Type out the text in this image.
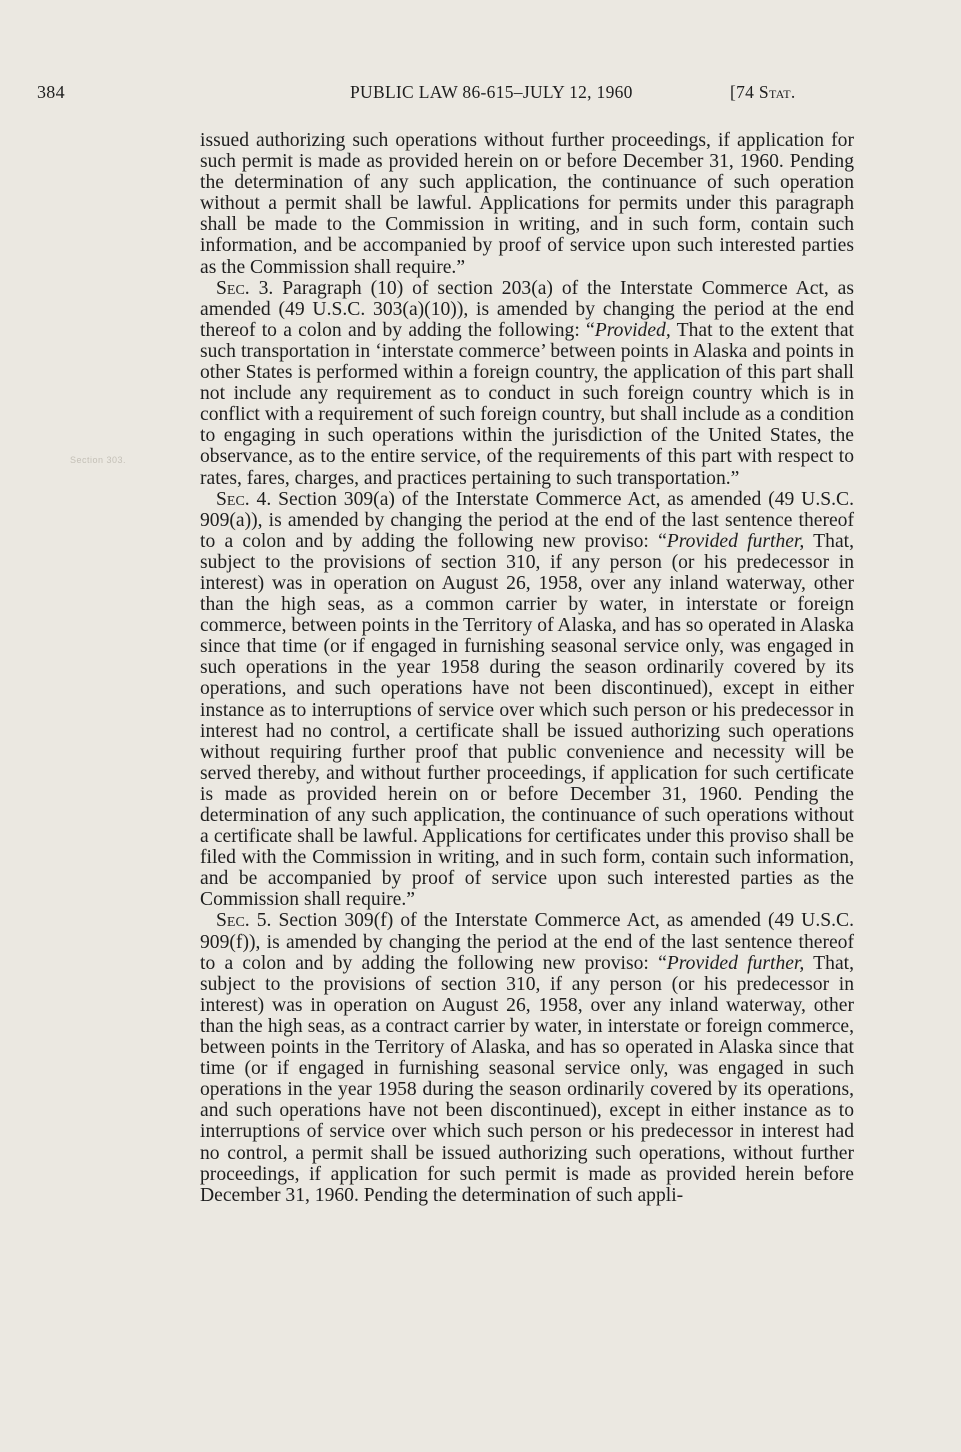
384	PUBLIC LAW 86-615–JULY 12, 1960	[74 Stat.
Section 303.

issued authorizing such operations without further proceedings, if application for such permit is made as provided herein on or before December 31, 1960. Pending the determination of any such application, the continuance of such operation without a permit shall be lawful. Applications for permits under this paragraph shall be made to the Commission in writing, and in such form, contain such information, and be accompanied by proof of service upon such interested parties as the Commission shall require.”

Sec. 3. Paragraph (10) of section 203(a) of the Interstate Commerce Act, as amended (49 U.S.C. 303(a)(10)), is amended by changing the period at the end thereof to a colon and by adding the following: “Provided, That to the extent that such transportation in ‘interstate commerce’ between points in Alaska and points in other States is performed within a foreign country, the application of this part shall not include any requirement as to conduct in such foreign country which is in conflict with a requirement of such foreign country, but shall include as a condition to engaging in such operations within the jurisdiction of the United States, the observance, as to the entire service, of the requirements of this part with respect to rates, fares, charges, and practices pertaining to such transportation.”

Sec. 4. Section 309(a) of the Interstate Commerce Act, as amended (49 U.S.C. 909(a)), is amended by changing the period at the end of the last sentence thereof to a colon and by adding the following new proviso: “Provided further, That, subject to the provisions of section 310, if any person (or his predecessor in interest) was in operation on August 26, 1958, over any inland waterway, other than the high seas, as a common carrier by water, in interstate or foreign commerce, between points in the Territory of Alaska, and has so operated in Alaska since that time (or if engaged in furnishing seasonal service only, was engaged in such operations in the year 1958 during the season ordinarily covered by its operations, and such operations have not been discontinued), except in either instance as to interruptions of service over which such person or his predecessor in interest had no control, a certificate shall be issued authorizing such operations without requiring further proof that public convenience and necessity will be served thereby, and without further proceedings, if application for such certificate is made as provided herein on or before December 31, 1960. Pending the determination of any such application, the continuance of such operations without a certificate shall be lawful. Applications for certificates under this proviso shall be filed with the Commission in writing, and in such form, contain such information, and be accompanied by proof of service upon such interested parties as the Commission shall require.”

Sec. 5. Section 309(f) of the Interstate Commerce Act, as amended (49 U.S.C. 909(f)), is amended by changing the period at the end of the last sentence thereof to a colon and by adding the following new proviso: “Provided further, That, subject to the provisions of section 310, if any person (or his predecessor in interest) was in operation on August 26, 1958, over any inland waterway, other than the high seas, as a contract carrier by water, in interstate or foreign commerce, between points in the Territory of Alaska, and has so operated in Alaska since that time (or if engaged in furnishing seasonal service only, was engaged in such operations in the year 1958 during the season ordinarily covered by its operations, and such operations have not been discontinued), except in either instance as to interruptions of service over which such person or his predecessor in interest had no control, a permit shall be issued authorizing such operations, without further proceedings, if application for such permit is made as provided herein before December 31, 1960. Pending the determination of such appli-
